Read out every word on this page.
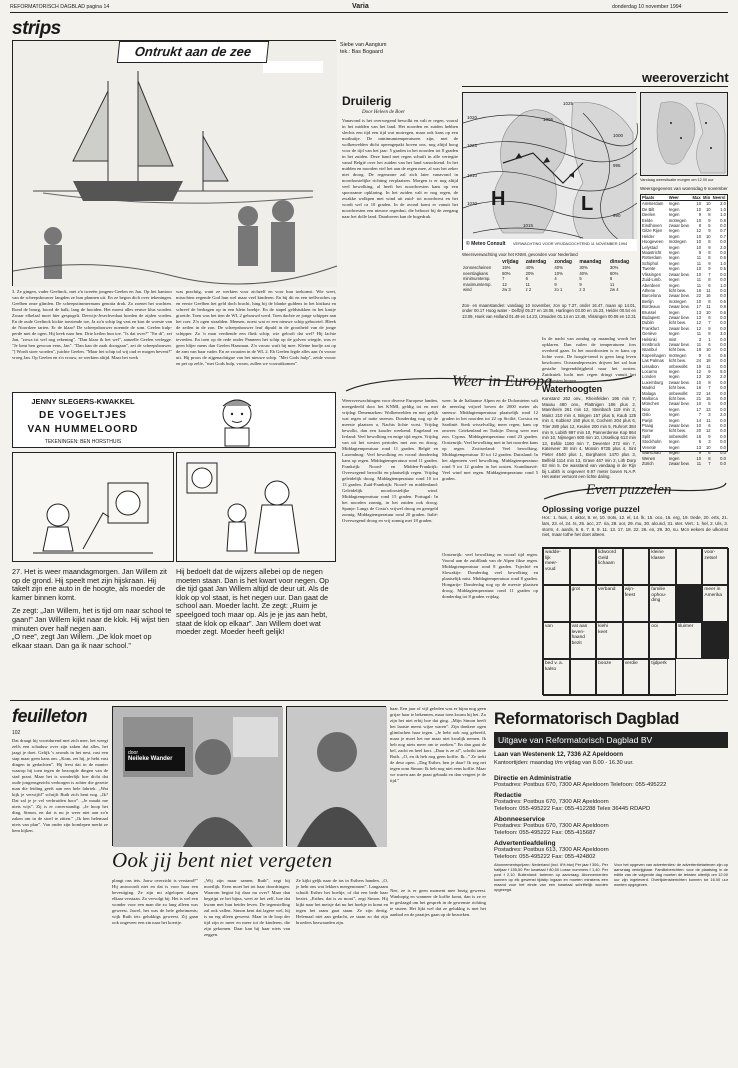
REFORMATORISCH DAGBLAD pagina 14	Varia	donderdag 10 november 1994
strips
Ontrukt aan de zee	Siebe van Aangium
tek.: Bas Bogaard
3. Ze gingen, vader Geelinck, met z'n tweeën jongens-Geelen en Jan. Op het kantoor van de scheepsbouwer langden ze hun plannen uit. En ze begon dich over tekeningen. Geelben onze glimlen. De scheepstimmermans genotta drok. Zo zoenet het wachten. Rond de bourg, boord de balk, lang de hooiden. Het moest alles eeuwe klus worden. Zwaar elkelaal moet hier gespogelt. Derwijs-Jesechvedaat hoeden de zijden vorden. En de oude Geelinck kickte toeziende toe, Ja zo'n schip lag vast en kon de woeste van de Noordzee tarten. Er de klaar? De scheepsbouwer noemde de som. Geelen kulp-perde met de ogen. Hij keek naar hen. Drie keilen hun toe. "Is dat over?" "En di", zei Jan, "zowa ist wel nog rekening". "Dan klaar ik het wel", aanzelle Geelen verlegge. "Je bent ben gewoon eens, Jan". "Dan kan de zaak doorgaan", zei de scheepsbouwer. "] Wordt stoer worden", juichte Geelen. "Maar het schip tol wij oud er mogen hevent?" vroeg Jan. Op Geelen en z'n vrouw, ze werkten altijd. Maar het werk
was prachtig, want ze werkten voor zichzelf en voor hun toekomst. Wie weet, misschien zegende God hun wel maar veel kinderen. En bij dit en een trellvraches op en eerste Geelben het geld doch bracht, hing bij de blanke guldens in het kistkast en schreef de bedragen op in een klein boekje. En de stapel geldstukken in het kastje groeide. Toen was het tien de WL 2 gebouwd werd. Toen dachte ze jonge schipper aan het roer. Z'n ogen straalden. Mensen, noest wat er een nieuwe schip geboortel. Bleek de zeilen in de zon. De scheepsbouwer leuf dipuld in de grootheid van de jonge schipper. Zo 'n man verdiende een flink schip, wie gelooft dat wel? Hij lachte tevreden. En toen op de rede onder Panneen het schip op de golven wiegde, was er geen blijer mens dan Geelen Haasman. Z'n vrouw wuft hij mee. Kleine buelje zat op de arm van haar vader. En ze zwaaien in de WL 2. Eb Geelen legde alles aan t'n vrouw uit. Hij proos de zijgenachtigue van het nieuwe schip. "Met Gods hulp", zeide vrouw en pet op zelfe, "met Gods hulp, vrouw, zullen we vooruitkomen".
JENNY SLEGERS-KWAKKEL
DE VOGELTJES
VAN HUMMELOORD
TEKENINGEN: BEN HORSTHUIS
27. Het is weer maandagmorgen. Jan Willem zit op de grond. Hij speelt met zijn hijskraan. Hij takelt zijn ene auto in de hoogte, als moeder de kamer binnen komt.
Ze zegt: „Jan Willem, het is tijd om naar school te gaan!” Jan Willem kijkt naar de klok. Hij wijst tien minuten over half negen aan.
„O nee”, zegt Jan Willem. „De klok moet op elkaar staan. Dan ga ik naar school.”
Hij bedoelt dat de wijzers allebei op de negen moeten staan. Dan is het kwart voor negen. Op die tijd gaat Jan Willem altijd de deur uit. Als de klok op vol staat, is het negen uur. Dan gaat de school aan. Moeder lacht. Ze zegt: „Ruim je speelgoed toch maar op. Als je je jas aan hebt, staat de klok op elkaar”. Jan Willem doet wat moeder zegt. Moeder heeft gelijk!
Druilerig
Door Heleen de Boer
Vanavond is het overwegend bewolkt en valt er regen, vooral in het midden van het land. Het noorden en zuiden hebben slechts een tijd een tijd wat motregen, maar ook kans op een motbuitje. De minimumtemperaturen zijn, met de wolkenvelden dicht opeengepakt boven ons, nog altijd hoog voor de tijd van het jaar: 5 graden in het noorden tot 8 graden in het zuiden. Deze band met regen schuift in alle vertegite vanaf België over het zuiden van het land vanochtend. In het midden en noorden viel het aan de regen mee, al was het zeker niet droog. De regenzone zal zich later vanavond in noordoostelijke richting verplaatsen. Morgen is er nog altijd veel bewolking, al heeft het noordwesten kans op een spoorzame opklaring. In het zuiden valt er nog regen, de zwakke wolkpen met wind uit zuid- tot noordwest en het wordt wel ca 10 graden. In de avond komt er vanuit het noordwesten een nieuwe regenbui, die behoort bij de zeegang naar het dolle land. Daarboven kan de hogedruk.
weeroverzicht
H	L
1020
1025
1010
1030
1000
995
1005
990
1015
1025
© Meteo Consult VERWACHTING VOOR VRIJDAGOCHTEND 11 NOVEMBER 1994
Vandaag weersituatie morgen om 12.00 uur
Weersverwachting voor het KNMI, gevonden voor Nederland
	vrijdag	zaterdag	zondag	maandag	dinsdag
zonnescheinen	15%	40%	40%	30%	30%
neerslagkans	80%	20%	10%	40%	60%
minimumtemp.	7	6	4	5	8
maximumtemp.	12	11	9	9	11
wind	zw 3	z 2	zo 1	z 3	zw 4
Zon- en maanstanden: vandaag 10 november, zon op 7.37, onder 16.47, maan op 14.01, onder 00.17 Hoog water - Delfzijl 05.37 en 18.06, Harlingen 03.00 en 15.23, Helder 00.54 en 13.09, Hoek van Holland 01.49 en 14.23, IJmuiden 01.14 en 13.48, Vlissingen 00.06 en 12.31
Weersgegevens van woensdag 9 november
Plaats	Weer	Max	Min	Neersl
Amsterdam	regen	10	10	2.0
De Bilt	regen	10	10	1.0
Deelen	regen	9	8	1.0
Eelde	motregen	10	9	0.8
Eindhoven	zwaar bew.	8	5	0.0
Gilze Rijen	regen	12	9	0.7
Helder	regen	10	10	0.7
Hoogeveen	motregen	10	8	0.0
Lelystad	regen	10	9	2.0
Maastricht	regen	9	8	0.0
Rotterdam	regen	11	8	0.6
Schiphol	regen	11	9	1.0
Twente	regen	10	9	0.5
Vlissingen	zwaar bew.	10	7	0.0
Zuid-Limb.	regen	11	8	0.0
Aberdeen	regen	11	6	1.0
Athene	licht bew.	16	11	0.0
Barcelona	zwaar bew.	22	16	0.0
Berlijn	motregen	10	8	0.6
Bordeaux	zwaar bew.	17	11	0.8
Brussel	regen	13	10	0.6
Budapest	zwaar bew.	13	6	0.0
Dublin	licht bew.	12	7	0.0
Frankfurt	zwaar bew.	12	9	0.0
Genève	regen	11	8	3.0
Helsinki	mist	3	1	0.0
Innsbruck	zwaar bew.	11	6	0.0
Istanbul	licht bew.	18	10	0.0
Kopenhagen	motregen	9	6	0.6
Las Palmas	licht bew.	24	18	0.0
Lissabon	onbewolkt	19	11	0.0
Locarno	regen	12	9	5.0
Londen	regen	13	10	2.0
Luxemburg	zwaar bew.	10	8	0.0
Madrid	licht bew.	16	7	0.0
Malaga	onbewolkt	22	14	0.0
Mallorca	licht bew.	21	15	0.0
München	zwaar bew.	10	5	0.0
Nice	regen	17	13	0.0
Oslo	regen	7	3	2.0
Parijs	regen	14	11	0.0
Praag	zwaar bew.	10	6	0.0
Rome	licht bew.	20	12	0.0
Split	onbewolkt	18	9	0.0
Stockholm	regen	6	3	0.0
Venetië	regen	13	10	0.0
Warschau	regen	9	6	0.0
Wenen	regen	10	8	0.0
Zürich	zwaar bew.	11	7	0.0
Weer in Europa
Weersverwachtingen voor diverse Europese landen, meegedeeld door het KNMI, geldig tot en met vrijdag: Denemarken: Wolkenvelden en met gelijk wat regen of natte sneeuw. Donderdag nog op de meeste plaatsen a, Nachts lichte vorst. Vrijdag bewolkt, dan een kouder weekend. Engeland en Ierland: Veel bewolking en enige tijd regen. Vrijdag van uit het westen periodes met zon en droog. Middagtemperatuur rond 11 graden. België en Luxemburg: Veel bewolking en vooral donderdag kans op regen. Middagtemperatuur rond 11 graden. Frankrijk: Noord- en Midden-Frankrijk: Overwegend bewolkt en plaatselijk regen. Vrijdag geleidelijk droog. Middagtemperatuur rond 10 tot 13 graden. Zuid-Frankrijk: Noord- en middenland: Geleidelijk noordoostelijke wind. Middagtemperatuur rond 15 graden. Portugal: In het noorden zonnig, in het zuiden ook droog. Spanje: Langs de Costa's vrijwel droog en geregeld zonnig. Middagtemperatuur rond 20 graden. Italië: Overwegend droog en vrij zonnig met 18 graden.
weer. In de Italiaanse Alpen en de Dolomieten valt de neerslag vrijwel boven de 2000 meter als sneeuw. Middagtemperatuur plaatselijk rond 12 graden in het noorden tot 22 op Sicilië, Corsica en Sardinië. Sterk wisselvallig, meer regen, kans op onweer. Griekenland en Turkije: Droog weer met zon. Cyprus. Middagtemperatuur rond 23 graden. Oostenrijk: Veel bewolking met in het noorden kans op regen. Zwitserland: Veel bewolking. Middagtemperatuur 10 tot 12 graden. Duitsland: In het algemeen veel bewolking. Middagtemperatuur rond 9 tot 12 graden in het oosten. Scandinavië: Veel wind met regen. Middagtemperatuur rond 5 graden.
Oostenrijk: veel bewolking en vooral tijd regen. Vooral aan de zuidflank van de Alpen fikse regen. Middagtemperatuur rond 8 graden. Tsjechië en Slowakije: Donderdag veel bewolking en plaatselijk mist. Middagtemperatuur rond 8 graden. Hongarije: Donderdag nog op de meeste plaatsen droog. Middagtemperatuur rond 11 graden op donderdag tot 8 graden vrijdag.
In de nacht van zondag op maandag wordt het opklaren. Dan ruilen de temperaturen fors overheid gaan. In het noordoosten is er kans op lichte vorst. De hoogte-trend is geen lang leven beschoren. Oceaandepressies drijven het zal hun gestalte begrenddrijgheid naar het oosten. Zuidzuiek lucht met regen dringt vanuit het zuidwesten binnen.
Waterhoogten
Konstanz 262 onv., Rheinfelden 196 min 7, Maxau 480 onv., Plattnigen 186 plus 2, Mannheim 261 min 12, Steinbach 119 min 2, Mainz 210 min 4, Bingen 157 plus 5, Kaub 125 min 4, Koblenz 150 plus 8, Cochem 204 plus 6, Trier 280 plus 12, Keulen 200 min 5, Ruhrort 384 min 9, Lobith 997 min 10, Pannerdense Kop 864 min 10, Nijmegen 600 min 10, IJsselkop 613 min 13, Eefde 1160 min 7, Deventer 272 min 7, Katerveer 38 min 4, Monsin 9725 plus 4, Sint Pieter 4540 plus 1, Borgharen 1470 plus 3, Belfeld 1114 min 13, Grave 467 min 2, Lith Dorp 63 min 5. De wasstand van vandaag in de Rijn bij Lobith is ongeveer 9.97 meter boven N.A.P. Het water vertoont een lichte daling.
Even puzzelen
Oplossing vorige puzzel
Hor.: 1. huis, 4. aktor, 9. er, 10. trots, 12. el, 14. lk, 15. oco, 16. erg, 19. trede, 20. erts, 21. lars, 23. el, 24. ts, 25. acc, 27. ria, 28. oor, 29. mu, 30. alcund, 31. ster. Vert.: 1. hel, 2. Uls, 3. storm, 4. aards, 5. 6. 7. 8. 9. 11. 13. 17. 18. 22. 26. en, 29. 30, nu. Mcn eekers de ulkomst niet, maar tothe het doet alteen.
wadde-
lijk
meer-
voud
lidwoord
Geld
lichaam
kleine
klasse
voor-
zetsel
grot	verband	wijn-
feest
familie
ophou-
ding
meer in
Amerika
van	vat aan
leven-
haand
bezit
kiehi
keet
ooi	sluimer
bed v. a.
kalso
booze	verdie	tijdperk
feuilleton
102
Dat draagt hij voortdurend met zich mee, het weegt zelfs een schaduw over zijn zaken dat alles, het jaagt je doet. Gelijk 's avonds in het nest, rust een stap maar geen kans om. „Kom, zei hij, je hebt vast dingen in gedachten”. Hij leest dat in de manier waarop hij toen tegen de bezorgde dingen van de stad praat. Maar het is wonderlijk hoe dicht dat oude jongensgezicht verborgen is achter die gezette man die leiding geeft aan een hele fabriek. „Wat kijk je verwijfd” schrijft Ruth zich bent nog. „Ik? Dat zal je je vel verbruiden hoor”. „Je maakt me niets wijs”. Zij is er onverstandig: „Je hoop het ding, Simon, en dat is nu je weer niet aan zo'n zaken om in de stoel te zitten.” „Ik ben helemaal niets van plan”. Van onder zijn homlepen merkt ze hem kijken.
door
Neileke Wander
Ook jij bent niet vergeten
plangt ons iets. Jouw overzicht is verstand?” Hij antwoordt niet en dat is voor haar een bevestiging. Ze zijn mi afgelopen dagen elkaar verstaan. Zo vervolgt hij. Het is wel een wonder voor een man die zo lang alleen was geweest. Jawel, het was de hele geheimenis; wijk Ruth iets gelukkigs geweest. Zij gaan ook ongeveer een zin naar het koertje.
„Wij zijn maar samen, Ruth”, zegt hij moeilijk. Even moet het tot haar doordringen. Waarom begint hij daar nu over? Maar dan begrijpt ze het bijna, weet ze het zelf, hoe dat kwam met hun beider leven. De tegenstelling zal ook vallen. Simon kent dat lagere wel, hij is nu erg alleen geweest. Maar in de loop der tijd zijn er meer en meer tot de kinderen, die zijn gekomen. Daar kan hij haar niets van zeggen.
haar. Een jaar of vijf geleden was er bijna nog geen grijze haar te bekennen, maar toen kwam hij het. Zo zijn het niet erbij hoe dat ging. „Mijn Simon heeft het laatste meest wijze waren”. Zijn donkere ogen glimlachen haar tegen. „Je hebt ook nog gebeefd, maar je moet het me maar niet kwalijk nemen. Ik heb nog niets meer om te zoeken.” En dan gaat de bel, zacht en heel kort. „Daar is ze al”, schrikt tante Ruth. „O, en ik heb nog geen koffie. Ik...” Ze trekt de deur open. „Dag Esther, ben je daar? Ik zeg net tegen oom Simon: Ik heb nog niet eens koffie. Maar we waren aan de praat gebaakt en dan vergeet je de tijd.”
Ze kijkt geljk naar de tas in Esthers handen. „O, je hebt ons wat lekkers meegenomen”. Langzaam schuift Esther het boeltje, of dat een bede haar beziet. „Esther, dat is zo mooi”, zegt Simon. Hij kijkt naar het meisje dat nu het hoekje in komt en tegen het raam gaat staan. Ze zijn dertig. Helemaal niet aan gedacht, ze staan zo dat zijn broeders bezwaarden zijn.
Nee, ze is er geen moment mee bezig geweest. Wanhopig en wanneer de koffie komt, dan is ze er in geslaagd om het gesprek in de gewenste richting te sturen. Het lijkt wel dat ze gelukkig is met het aanbod en de praatjes gaan op de bezoeken.
Reformatorisch Dagblad
Uitgave van Reformatorisch Dagblad BV
Laan van Westenenk 12, 7336 AZ Apeldoorn
Kantoortijden: maandag t/m vrijdag van 8.00 - 16.30 uur.
Directie en Administratie
Postadres: Postbus 670, 7300 AR Apeldoorn Telefoon: 055-495222
Redactie
Postadres: Postbus 670, 7300 AR Apeldoorn
Telefoon: 055-495222 Fax: 055-412288 Telex 36445 RDAPD
Abonneeservice
Postadres: Postbus 670, 7300 AR Apeldoorn
Telefoon: 055-495222 Fax: 055-415687
Advertentieafdeling
Postadres: Postbus 613, 7300 AR Apeldoorn
Telefoon: 055-495222 Fax: 055-424802
Abonnementsprijzen: Nederland (incl. 6% btw) Per jaar f 306,- Per halfjaar f 155,50 Per kwartaal f 80,50 Losse nummers f 1,40. Per post f 2,10. Buitenland: tarieven op aanvraag. Abonnementen kunnen op elk gewenst tijdstip ingaan en moeten minstens een maand voor het einde van een kwartaal schriftelijk worden opgezegd.
Voor het opgeven van advertenties: de advertentietarieven zijn op aanvraag verkrijgbaar. Familieberichten: voor de plaatsing in de editie van de volgende dag moeten de teksten uiterlijk om 12.00 uur zijn ingeleverd. Overlijdensberichten kunnen tot 16.00 uur worden opgegeven.
